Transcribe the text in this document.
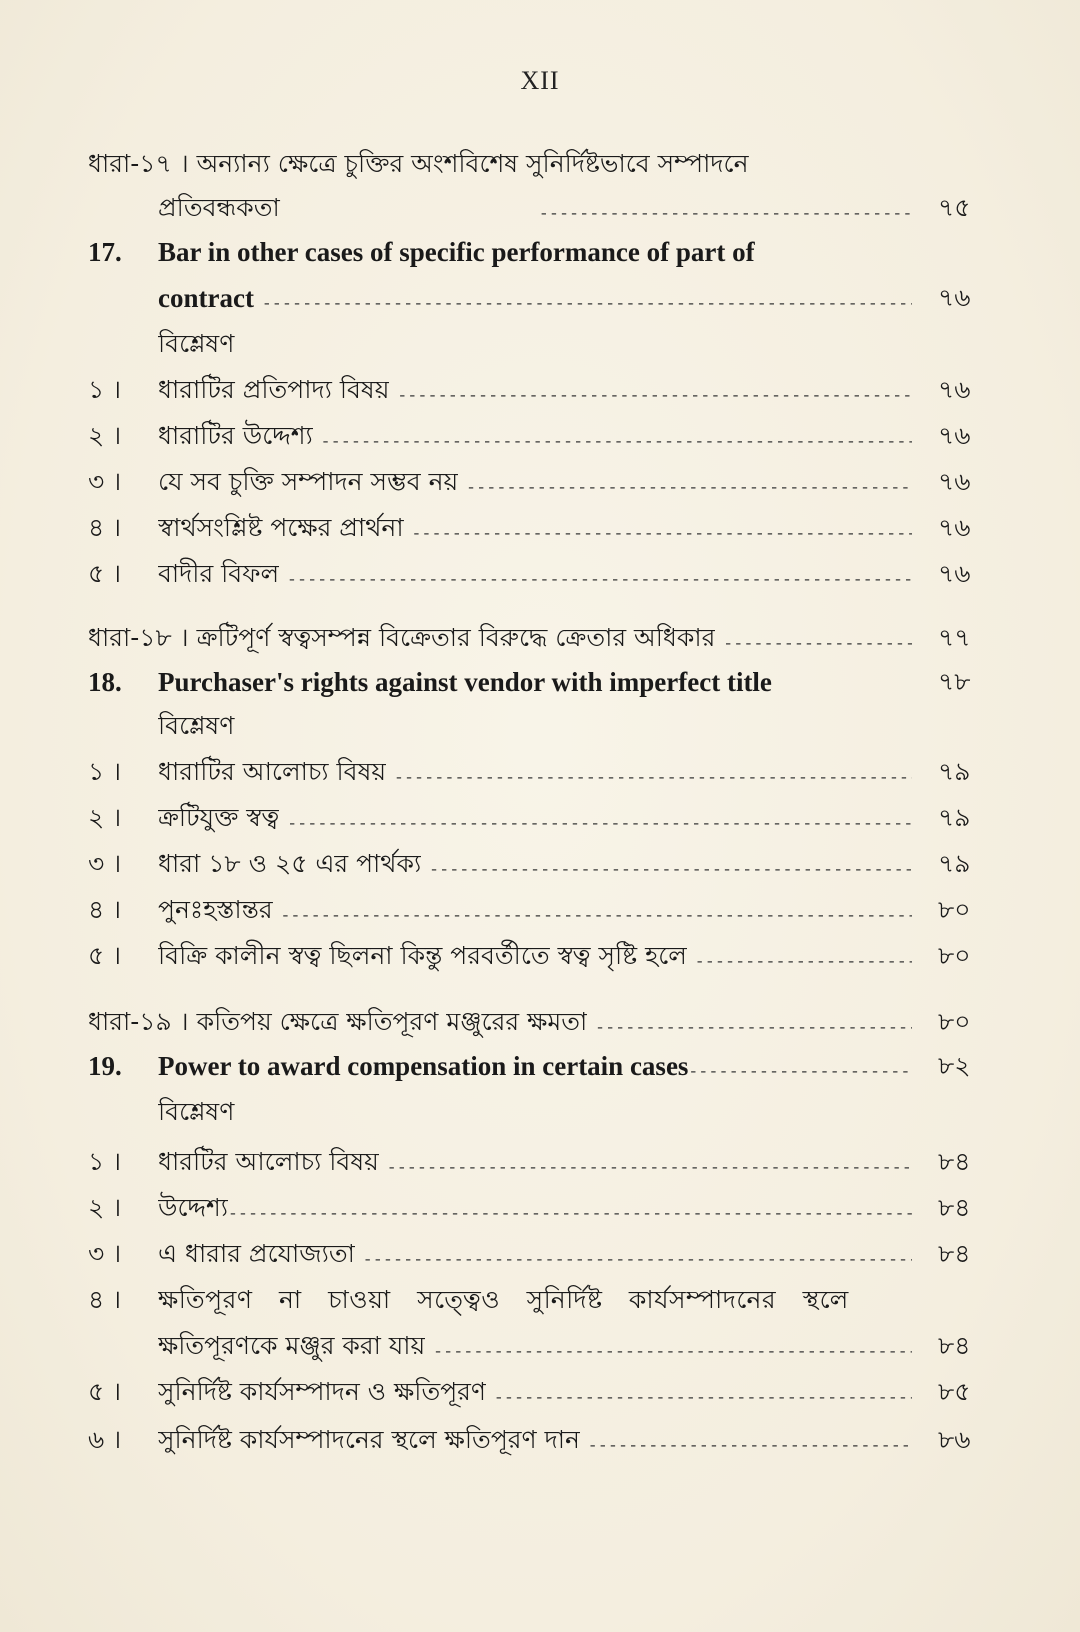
XII
ধারা-১৭ ।
অন্যান্য ক্ষেত্রে চুক্তির অংশবিশেষ সুনির্দিষ্টভাবে সম্পাদনে
প্রতিবন্ধকতা -----	৭৫
17.	Bar in other cases of specific performance of part of
contract -----	৭৬
বিশ্লেষণ
১ ।	ধারাটির প্রতিপাদ্য বিষয় -----	৭৬
২ ।	ধারাটির উদ্দেশ্য -----	৭৬
৩ ।	যে সব চুক্তি সম্পাদন সম্ভব নয় -----	৭৬
৪ ।	স্বার্থসংশ্লিষ্ট পক্ষের প্রার্থনা -----	৭৬
৫ ।	বাদীর বিফল -----	৭৬
ধারা-১৮ ।
ক্রটিপূর্ণ স্বত্বসম্পন্ন বিক্রেতার বিরুদ্ধে ক্রেতার অধিকার -----	৭৭
18.	Purchaser's rights against vendor with imperfect title	৭৮
বিশ্লেষণ
১ ।	ধারাটির আলোচ্য বিষয় -----	৭৯
২ ।	ক্রটিযুক্ত স্বত্ব -----	৭৯
৩ ।	ধারা ১৮ ও ২৫ এর পার্থক্য -----	৭৯
৪ ।	পুনঃহস্তান্তর -----	৮০
৫ ।	বিক্রি কালীন স্বত্ব ছিলনা কিন্তু পরবর্তীতে স্বত্ব সৃষ্টি হলে -----	৮০
ধারা-১৯ ।
কতিপয় ক্ষেত্রে ক্ষতিপূরণ মঞ্জুরের ক্ষমতা -----	৮০
19.	Power to award compensation in certain cases -----	৮২
বিশ্লেষণ
১ ।	ধারটির আলোচ্য বিষয় -----	৮৪
২ ।	উদ্দেশ্য -----	৮৪
৩ ।	এ ধারার প্রযোজ্যতা -----	৮৪
৪ ।	ক্ষতিপূরণ না চাওয়া সত্ত্বেও সুনির্দিষ্ট কার্যসম্পাদনের স্থলে
ক্ষতিপূরণকে মঞ্জুর করা যায় -----	৮৪
৫ ।	সুনির্দিষ্ট কার্যসম্পাদন ও ক্ষতিপূরণ -----	৮৫
৬ ।	সুনির্দিষ্ট কার্যসম্পাদনের স্থলে ক্ষতিপূরণ দান -----	৮৬
